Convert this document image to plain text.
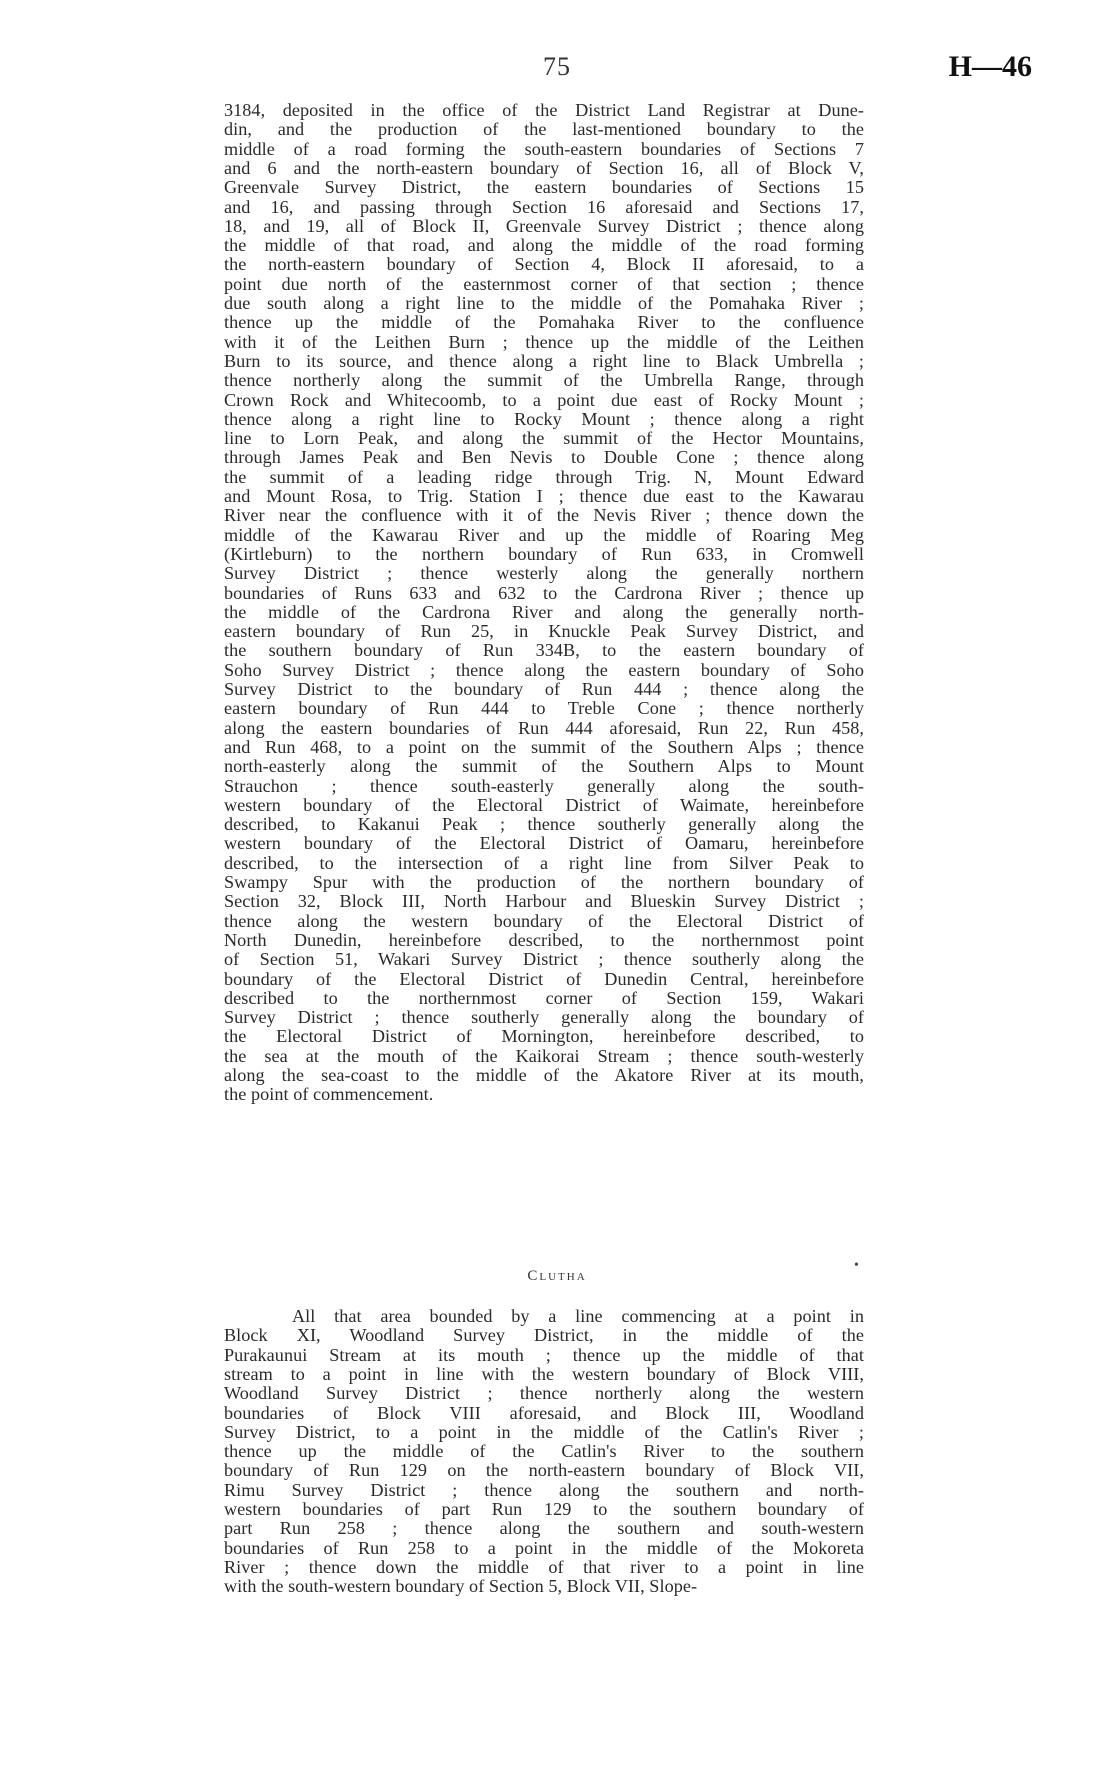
75	H—46
3184, deposited in the office of the District Land Registrar at Dune-
din, and the production of the last-mentioned boundary to the
middle of a road forming the south-eastern boundaries of Sections 7
and 6 and the north-eastern boundary of Section 16, all of Block V,
Greenvale Survey District, the eastern boundaries of Sections 15
and 16, and passing through Section 16 aforesaid and Sections 17,
18, and 19, all of Block II, Greenvale Survey District ; thence along
the middle of that road, and along the middle of the road forming
the north-eastern boundary of Section 4, Block II aforesaid, to a
point due north of the easternmost corner of that section ; thence
due south along a right line to the middle of the Pomahaka River ;
thence up the middle of the Pomahaka River to the confluence
with it of the Leithen Burn ; thence up the middle of the Leithen
Burn to its source, and thence along a right line to Black Umbrella ;
thence northerly along the summit of the Umbrella Range, through
Crown Rock and Whitecoomb, to a point due east of Rocky Mount ;
thence along a right line to Rocky Mount ; thence along a right
line to Lorn Peak, and along the summit of the Hector Mountains,
through James Peak and Ben Nevis to Double Cone ; thence along
the summit of a leading ridge through Trig. N, Mount Edward
and Mount Rosa, to Trig. Station I ; thence due east to the Kawarau
River near the confluence with it of the Nevis River ; thence down the
middle of the Kawarau River and up the middle of Roaring Meg
(Kirtleburn) to the northern boundary of Run 633, in Cromwell
Survey District ; thence westerly along the generally northern
boundaries of Runs 633 and 632 to the Cardrona River ; thence up
the middle of the Cardrona River and along the generally north-
eastern boundary of Run 25, in Knuckle Peak Survey District, and
the southern boundary of Run 334B, to the eastern boundary of
Soho Survey District ; thence along the eastern boundary of Soho
Survey District to the boundary of Run 444 ; thence along the
eastern boundary of Run 444 to Treble Cone ; thence northerly
along the eastern boundaries of Run 444 aforesaid, Run 22, Run 458,
and Run 468, to a point on the summit of the Southern Alps ; thence
north-easterly along the summit of the Southern Alps to Mount
Strauchon ; thence south-easterly generally along the south-
western boundary of the Electoral District of Waimate, hereinbefore
described, to Kakanui Peak ; thence southerly generally along the
western boundary of the Electoral District of Oamaru, hereinbefore
described, to the intersection of a right line from Silver Peak to
Swampy Spur with the production of the northern boundary of
Section 32, Block III, North Harbour and Blueskin Survey District ;
thence along the western boundary of the Electoral District of
North Dunedin, hereinbefore described, to the northernmost point
of Section 51, Wakari Survey District ; thence southerly along the
boundary of the Electoral District of Dunedin Central, hereinbefore
described to the northernmost corner of Section 159, Wakari
Survey District ; thence southerly generally along the boundary of
the Electoral District of Mornington, hereinbefore described, to
the sea at the mouth of the Kaikorai Stream ; thence south-westerly
along the sea-coast to the middle of the Akatore River at its mouth,
the point of commencement.
•
Clutha
All that area bounded by a line commencing at a point in
Block XI, Woodland Survey District, in the middle of the
Purakaunui Stream at its mouth ; thence up the middle of that
stream to a point in line with the western boundary of Block VIII,
Woodland Survey District ; thence northerly along the western
boundaries of Block VIII aforesaid, and Block III, Woodland
Survey District, to a point in the middle of the Catlin's River ;
thence up the middle of the Catlin's River to the southern
boundary of Run 129 on the north-eastern boundary of Block VII,
Rimu Survey District ; thence along the southern and north-
western boundaries of part Run 129 to the southern boundary of
part Run 258 ; thence along the southern and south-western
boundaries of Run 258 to a point in the middle of the Mokoreta
River ; thence down the middle of that river to a point in line
with the south-western boundary of Section 5, Block VII, Slope-
